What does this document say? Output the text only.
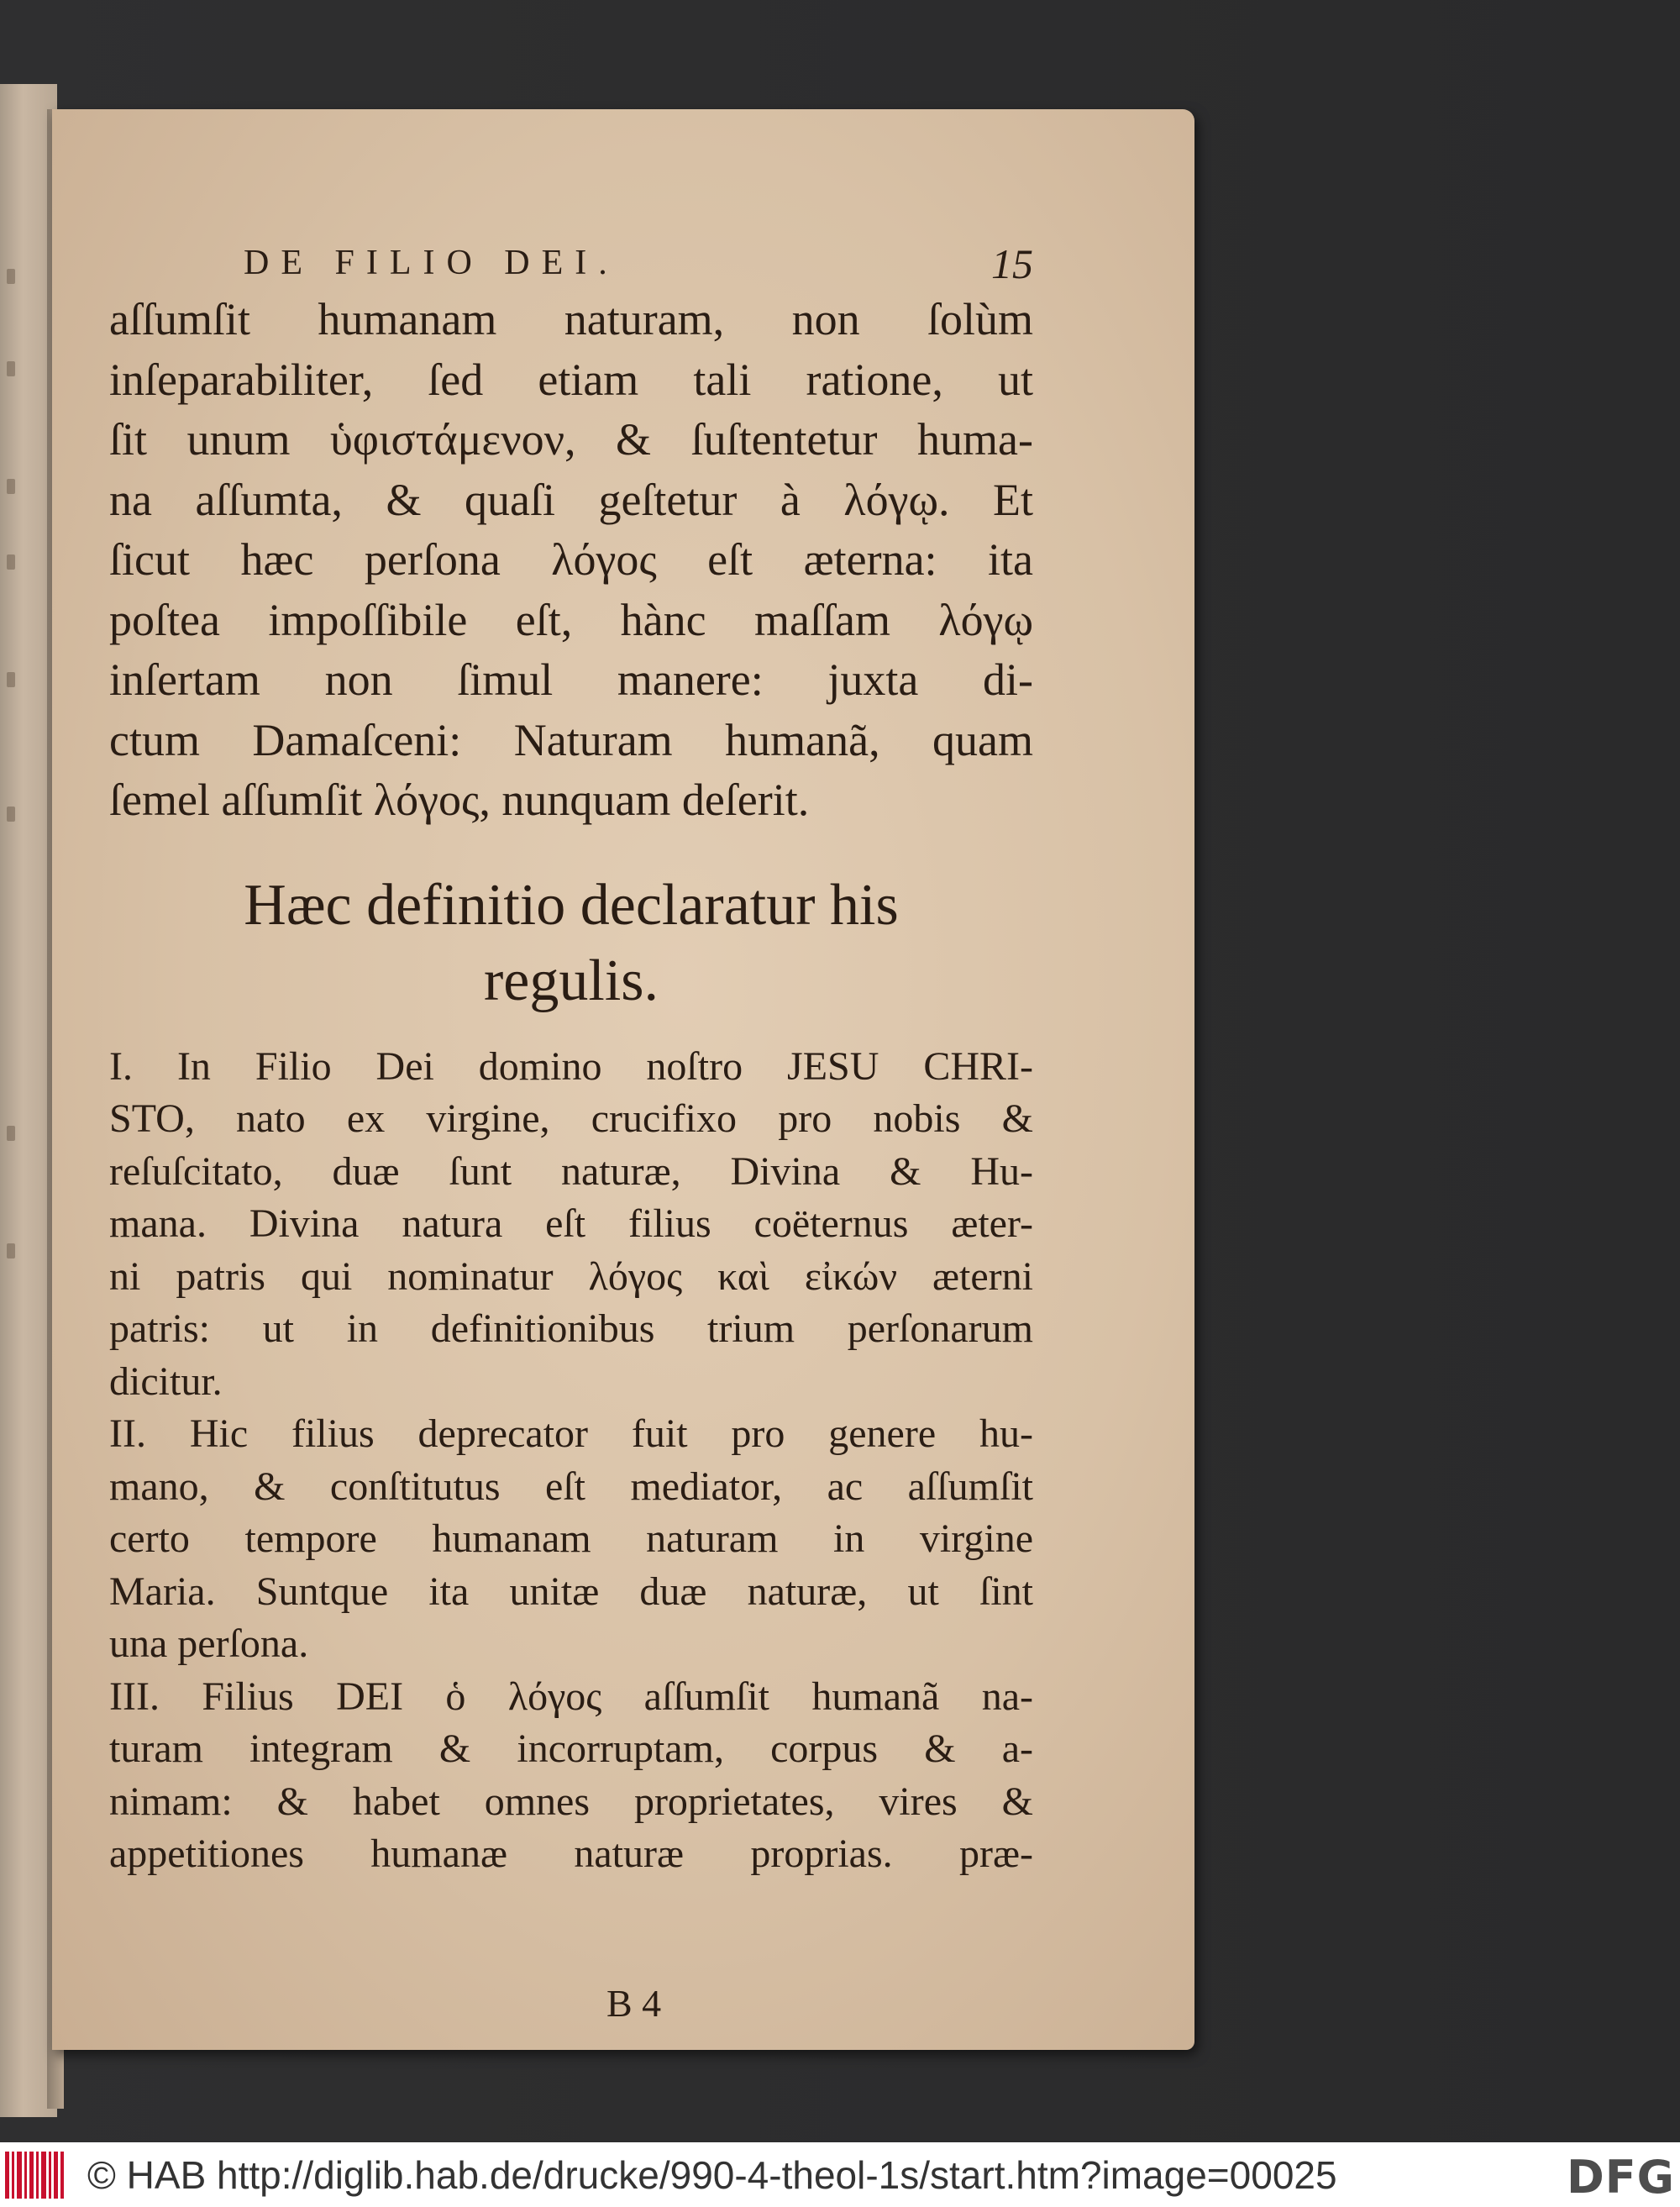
DE FILIO DEI.	15
aſſumſit humanam naturam, non ſolùm
inſeparabiliter, ſed etiam tali ratione, ut
ſit unum ὑφιστάμενον, & ſuſtentetur huma-
na aſſumta, & quaſi geſtetur à λόγῳ. Et
ſicut hæc perſona λόγος eſt æterna: ita
poſtea impoſſibile eſt, hànc maſſam λόγῳ
inſertam non ſimul manere: juxta di-
ctum Damaſceni: Naturam humanã, quam
ſemel aſſumſit λόγος, nunquam deſerit.
Hæc definitio declaratur his
regulis.
I. In Filio Dei domino noſtro JESU CHRI-
STO, nato ex virgine, crucifixo pro nobis &
reſuſcitato, duæ ſunt naturæ, Divina & Hu-
mana. Divina natura eſt filius coëternus æter-
ni patris qui nominatur λόγος καὶ εἰκών æterni
patris: ut in definitionibus trium perſonarum
dicitur.
II. Hic filius deprecator fuit pro genere hu-
mano, & conſtitutus eſt mediator, ac aſſumſit
certo tempore humanam naturam in virgine
Maria. Suntque ita unitæ duæ naturæ, ut ſint
una perſona.
III. Filius DEI ὁ λόγος aſſumſit humanã na-
turam integram & incorruptam, corpus & a-
nimam: & habet omnes proprietates, vires &
appetitiones humanæ naturæ proprias. præ-
B 4
© HAB http://diglib.hab.de/drucke/990-4-theol-1s/start.htm?image=00025	DFG
